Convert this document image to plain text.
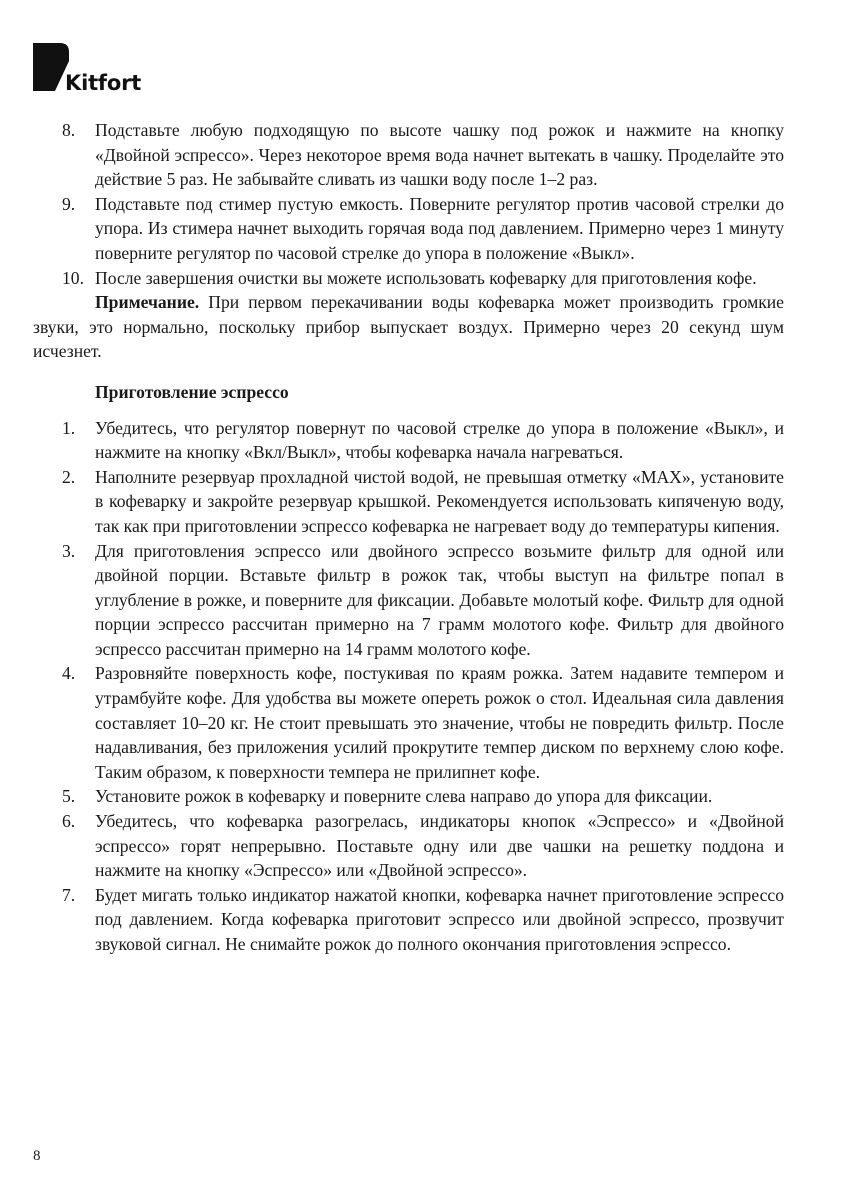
Kitfort
8.	Подставьте любую подходящую по высоте чашку под рожок и нажмите на кнопку «Двойной эспрессо». Через некоторое время вода начнет вытекать в чашку. Проделайте это действие 5 раз. Не забывайте сливать из чашки воду после 1–2 раз.
9.	Подставьте под стимер пустую емкость. Поверните регулятор против часовой стрелки до упора. Из стимера начнет выходить горячая вода под давлением. Примерно через 1 минуту поверните регулятор по часовой стрелке до упора в положение «Выкл».
10. После завершения очистки вы можете использовать кофеварку для приготовления кофе.

Примечание. При первом перекачивании воды кофеварка может производить громкие звуки, это нормально, поскольку прибор выпускает воздух. Примерно через 20 секунд шум исчезнет.

Приготовление эспрессо
1.	Убедитесь, что регулятор повернут по часовой стрелке до упора в положение «Выкл», и нажмите на кнопку «Вкл/Выкл», чтобы кофеварка начала нагреваться.
2.	Наполните резервуар прохладной чистой водой, не превышая отметку «MAX», установите в кофеварку и закройте резервуар крышкой. Рекомендуется использовать кипяченую воду, так как при приготовлении эспрессо кофеварка не нагревает воду до температуры кипения.
3.	Для приготовления эспрессо или двойного эспрессо возьмите фильтр для одной или двойной порции. Вставьте фильтр в рожок так, чтобы выступ на фильтре попал в углубление в рожке, и поверните для фиксации. Добавьте молотый кофе. Фильтр для одной порции эспрессо рассчитан примерно на 7 грамм молотого кофе. Фильтр для двойного эспрессо рассчитан примерно на 14 грамм молотого кофе.
4.	Разровняйте поверхность кофе, постукивая по краям рожка. Затем надавите темпером и утрамбуйте кофе. Для удобства вы можете опереть рожок о стол. Идеальная сила давления составляет 10–20 кг. Не стоит превышать это значение, чтобы не повредить фильтр. После надавливания, без приложения усилий прокрутите темпер диском по верхнему слою кофе. Таким образом, к поверхности темпера не прилипнет кофе.
5.	Установите рожок в кофеварку и поверните слева направо до упора для фиксации.
6.	Убедитесь, что кофеварка разогрелась, индикаторы кнопок «Эспрессо» и «Двойной эспрессо» горят непрерывно. Поставьте одну или две чашки на решетку поддона и нажмите на кнопку «Эспрессо» или «Двойной эспрессо».
7.	Будет мигать только индикатор нажатой кнопки, кофеварка начнет приготовление эспрессо под давлением. Когда кофеварка приготовит эспрессо или двойной эспрессо, прозвучит звуковой сигнал. Не снимайте рожок до полного окончания приготовления эспрессо.
8
